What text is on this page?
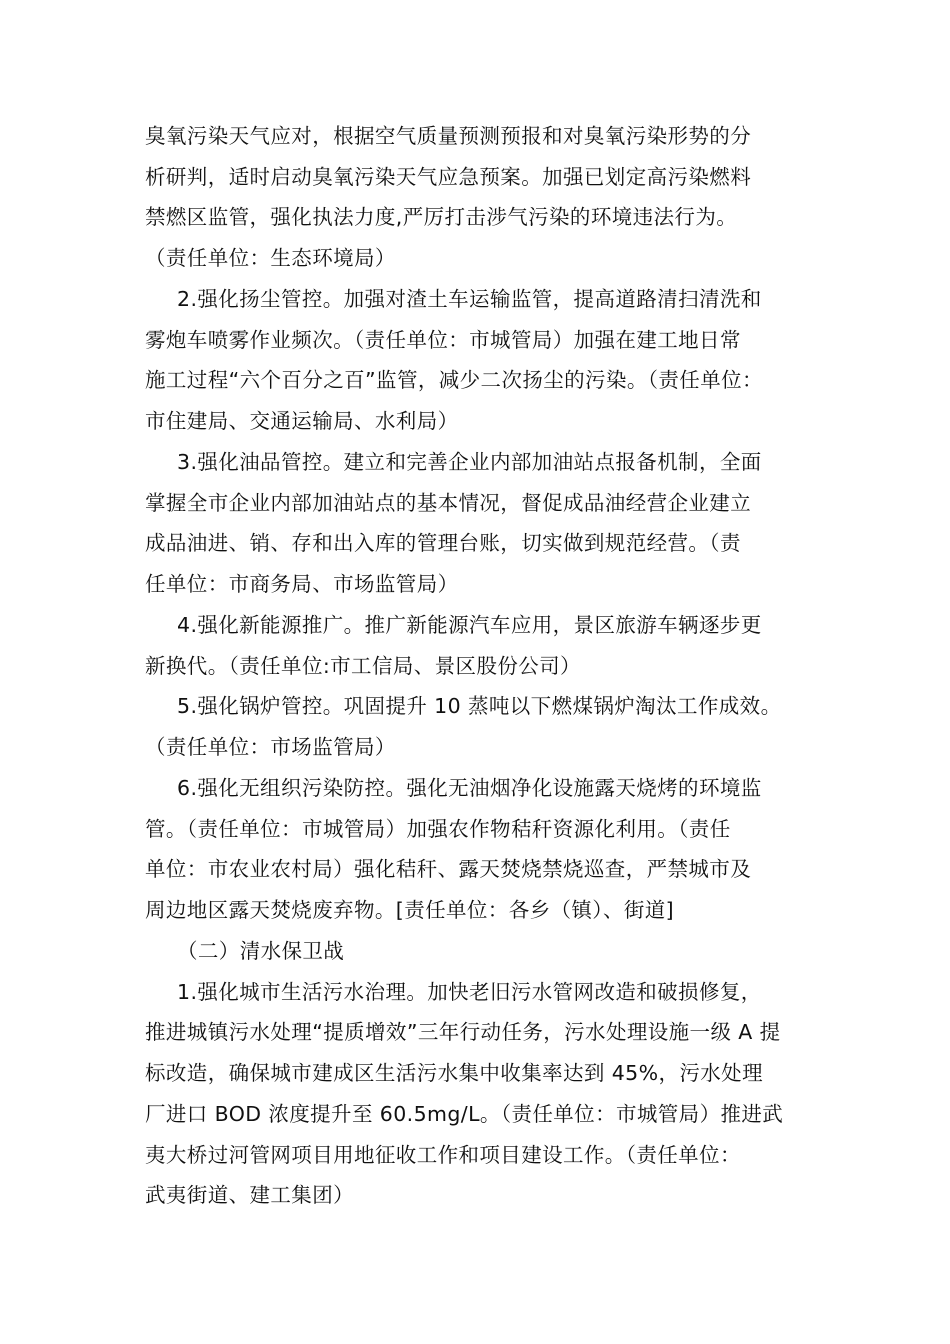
臭氧污染天气应对，根据空气质量预测预报和对臭氧污染形势的分
析研判，适时启动臭氧污染天气应急预案。加强已划定高污染燃料
禁燃区监管，强化执法力度,严厉打击涉气污染的环境违法行为。
（责任单位：生态环境局）
2.强化扬尘管控。加强对渣土车运输监管，提高道路清扫清洗和
雾炮车喷雾作业频次。（责任单位：市城管局）加强在建工地日常
施工过程“六个百分之百”监管，减少二次扬尘的污染。（责任单位：
市住建局、交通运输局、水利局）
3.强化油品管控。建立和完善企业内部加油站点报备机制，全面
掌握全市企业内部加油站点的基本情况，督促成品油经营企业建立
成品油进、销、存和出入库的管理台账，切实做到规范经营。（责
任单位：市商务局、市场监管局）
4.强化新能源推广。推广新能源汽车应用，景区旅游车辆逐步更
新换代。（责任单位:市工信局、景区股份公司）
5.强化锅炉管控。巩固提升 10 蒸吨以下燃煤锅炉淘汰工作成效。
（责任单位：市场监管局）
6.强化无组织污染防控。强化无油烟净化设施露天烧烤的环境监
管。（责任单位：市城管局）加强农作物秸秆资源化利用。（责任
单位：市农业农村局）强化秸秆、露天焚烧禁烧巡查，严禁城市及
周边地区露天焚烧废弃物。[责任单位：各乡（镇）、街道]
（二）清水保卫战
1.强化城市生活污水治理。加快老旧污水管网改造和破损修复，
推进城镇污水处理“提质增效”三年行动任务，污水处理设施一级 A 提
标改造，确保城市建成区生活污水集中收集率达到 45%，污水处理
厂进口 BOD 浓度提升至 60.5mg/L。（责任单位：市城管局）推进武
夷大桥过河管网项目用地征收工作和项目建设工作。（责任单位：
武夷街道、建工集团）
